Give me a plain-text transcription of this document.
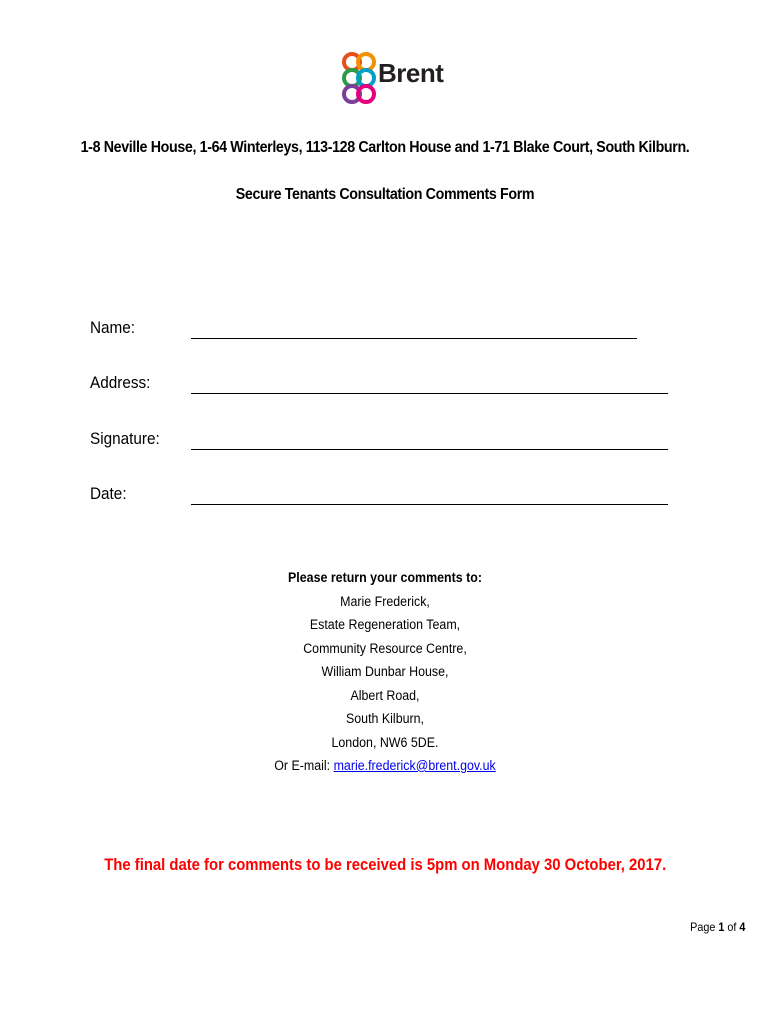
Brent
1-8 Neville House, 1-64 Winterleys, 113-128 Carlton House and 1-71 Blake Court, South Kilburn.
Secure Tenants Consultation Comments Form
Name:
Address:
Signature:
Date:
Please return your comments to:
Marie Frederick,
Estate Regeneration Team,
Community Resource Centre,
William Dunbar House,
Albert Road,
South Kilburn,
London, NW6 5DE.
Or E-mail: marie.frederick@brent.gov.uk
The final date for comments to be received is 5pm on Monday 30 October, 2017.
Page 1 of 4
